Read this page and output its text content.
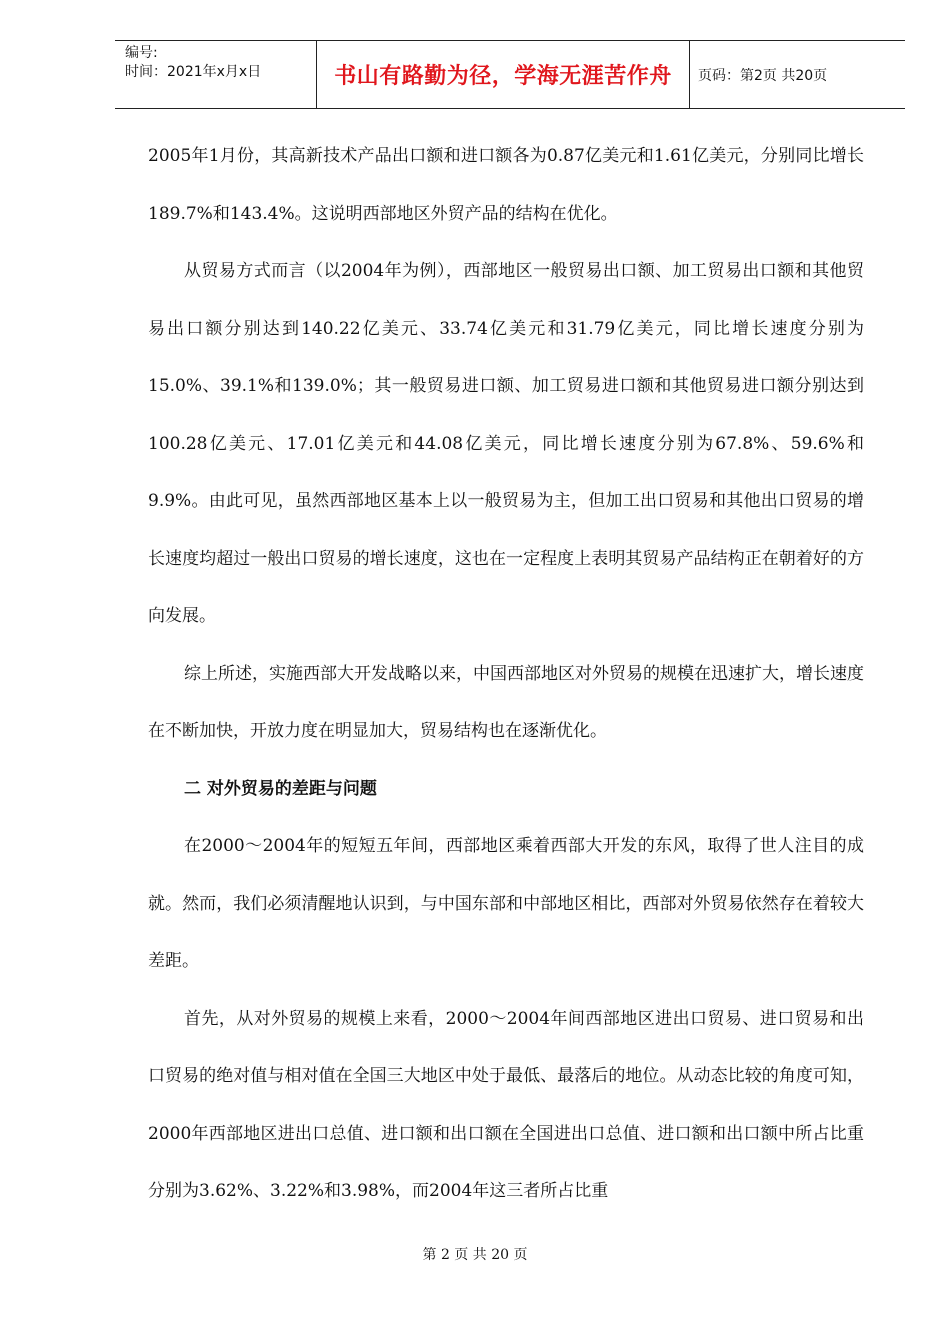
编号:
时间：2021年x月x日	书山有路勤为径，学海无涯苦作舟 页码：第2页 共20页

2005年1月份，其高新技术产品出口额和进口额各为0.87亿美元和1.61亿美元，分别同比增长189.7%和143.4%。这说明西部地区外贸产品的结构在优化。

从贸易方式而言（以2004年为例），西部地区一般贸易出口额、加工贸易出口额和其他贸易出口额分别达到140.22亿美元、33.74亿美元和31.79亿美元，同比增长速度分别为15.0%、39.1%和139.0%；其一般贸易进口额、加工贸易进口额和其他贸易进口额分别达到100.28亿美元、17.01亿美元和44.08亿美元，同比增长速度分别为67.8%、59.6%和9.9%。由此可见，虽然西部地区基本上以一般贸易为主，但加工出口贸易和其他出口贸易的增长速度均超过一般出口贸易的增长速度，这也在一定程度上表明其贸易产品结构正在朝着好的方向发展。

综上所述，实施西部大开发战略以来，中国西部地区对外贸易的规模在迅速扩大，增长速度在不断加快，开放力度在明显加大，贸易结构也在逐渐优化。

二 对外贸易的差距与问题

在2000～2004年的短短五年间，西部地区乘着西部大开发的东风，取得了世人注目的成就。然而，我们必须清醒地认识到，与中国东部和中部地区相比，西部对外贸易依然存在着较大差距。

首先，从对外贸易的规模上来看，2000～2004年间西部地区进出口贸易、进口贸易和出口贸易的绝对值与相对值在全国三大地区中处于最低、最落后的地位。从动态比较的角度可知，2000年西部地区进出口总值、进口额和出口额在全国进出口总值、进口额和出口额中所占比重分别为3.62%、3.22%和3.98%，而2004年这三者所占比重

第 2 页 共 20 页
